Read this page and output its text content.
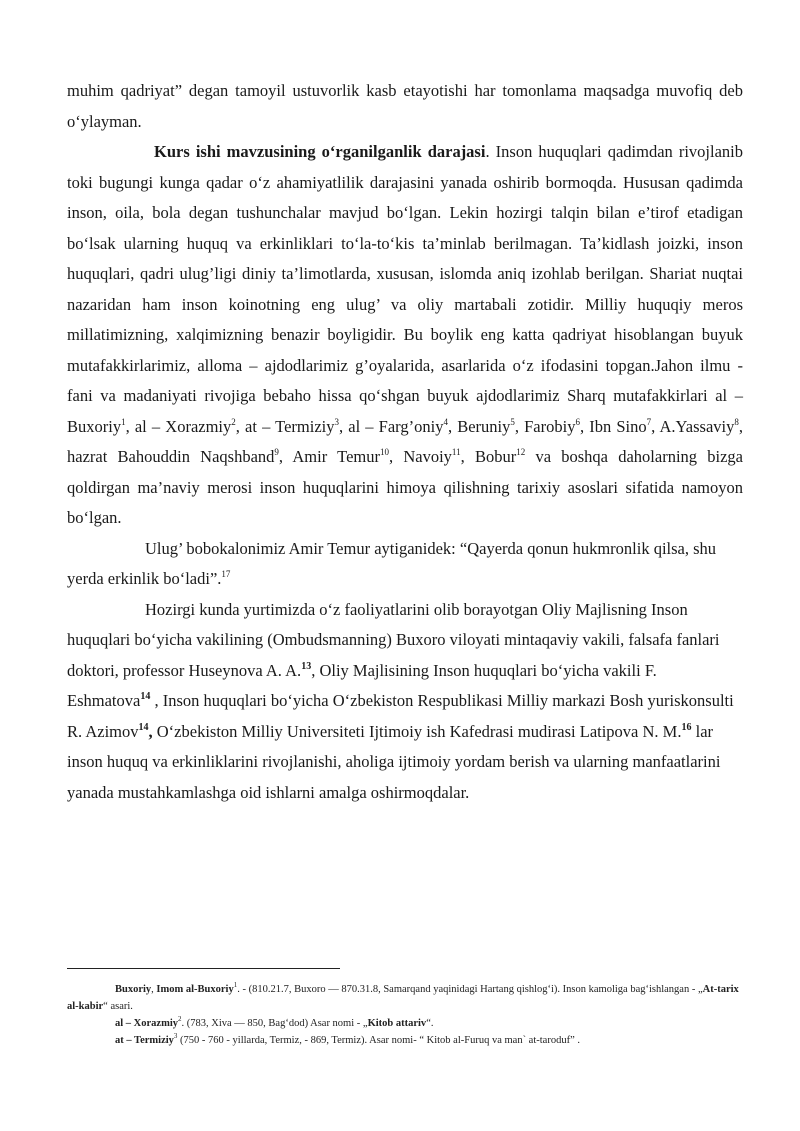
muhim qadriyat” degan tamoyil ustuvorlik kasb etayotishi har tomonlama maqsadga muvofiq deb o‘ylayman.

Kurs ishi mavzusining o‘rganilganlik darajasi. Inson huquqlari qadimdan rivojlanib toki bugungi kunga qadar o‘z ahamiyatlilik darajasini yanada oshirib bormoqda. Hususan qadimda inson, oila, bola degan tushunchalar mavjud bo‘lgan. Lekin hozirgi talqin bilan e’tirof etadigan bo‘lsak ularning huquq va erkinliklari to‘la-to‘kis ta’minlab berilmagan. Ta’kidlash joizki, inson huquqlari, qadri ulug’ligi diniy ta’limotlarda, xususan, islomda aniq izohlab berilgan. Shariat nuqtai nazaridan ham inson koinotning eng ulug’ va oliy martabali zotidir. Milliy huquqiy meros millatimizning, xalqimizning benazir boyligidir. Bu boylik eng katta qadriyat hisoblangan buyuk mutafakkirlarimiz, alloma – ajdodlarimiz g’oyalarida, asarlarida o‘z ifodasini topgan.Jahon ilmu - fani va madaniyati rivojiga bebaho hissa qo‘shgan buyuk ajdodlarimiz Sharq mutafakkirlari al – Buxoriy$^1$, al – Xorazmiy$^2$, at – Termiziy$^3$, al – Farg’oniy$^4$, Beruniy$^5$, Farobiy$^6$, Ibn Sino$^7$, A.Yassaviy$^8$, hazrat Bahouddin Naqshband$^9$, Amir Temur$^{10}$, Navoiy$^{11}$, Bobur$^{12}$ va boshqa daholarning bizga qoldirgan ma’naviy merosi inson huquqlarini himoya qilishning tarixiy asoslari sifatida namoyon bo‘lgan.

Ulug’ bobokalonimiz Amir Temur aytiganidek: “Qayerda qonun hukmronlik qilsa, shu yerda erkinlik bo‘ladi”.$^{17}$

Hozirgi kunda yurtimizda o‘z faoliyatlarini olib borayotgan Oliy Majlisning Inson huquqlari bo‘yicha vakilining (Ombudsmanning) Buxoro viloyati mintaqaviy vakili, falsafa fanlari doktori, professor Huseynova A. A.$^{13}$, Oliy Majlisining Inson huquqlari bo‘yicha vakili F. Eshmatova$^{14}$ , Inson huquqlari bo‘yicha O‘zbekiston Respublikasi Milliy markazi Bosh yuriskonsulti R. Azimov$^{14}$, O‘zbekiston Milliy Universiteti Ijtimoiy ish Kafedrasi mudirasi Latipova N. M.$^{16}$ lar inson huquq va erkinliklarini rivojlanishi, aholiga ijtimoiy yordam berish va ularning manfaatlarini yanada mustahkamlashga oid ishlarni amalga oshirmoqdalar.

Buxoriy, Imom al-Buxoriy$^1$. - (810.21.7, Buxoro — 870.31.8, Samarqand yaqinidagi Hartang qishlog‘i). Inson kamoliga bag‘ishlangan - „At-tarix al-kabir“ asari.

al – Xorazmiy$^2$. (783, Xiva — 850, Bag‘dod) Asar nomi - „Kitob attariv“.

at – Termiziy$^3$ (750 - 760 - yillarda, Termiz, - 869, Termiz). Asar nomi- “ Kitob al-Furuq va man` at-taroduf” .
